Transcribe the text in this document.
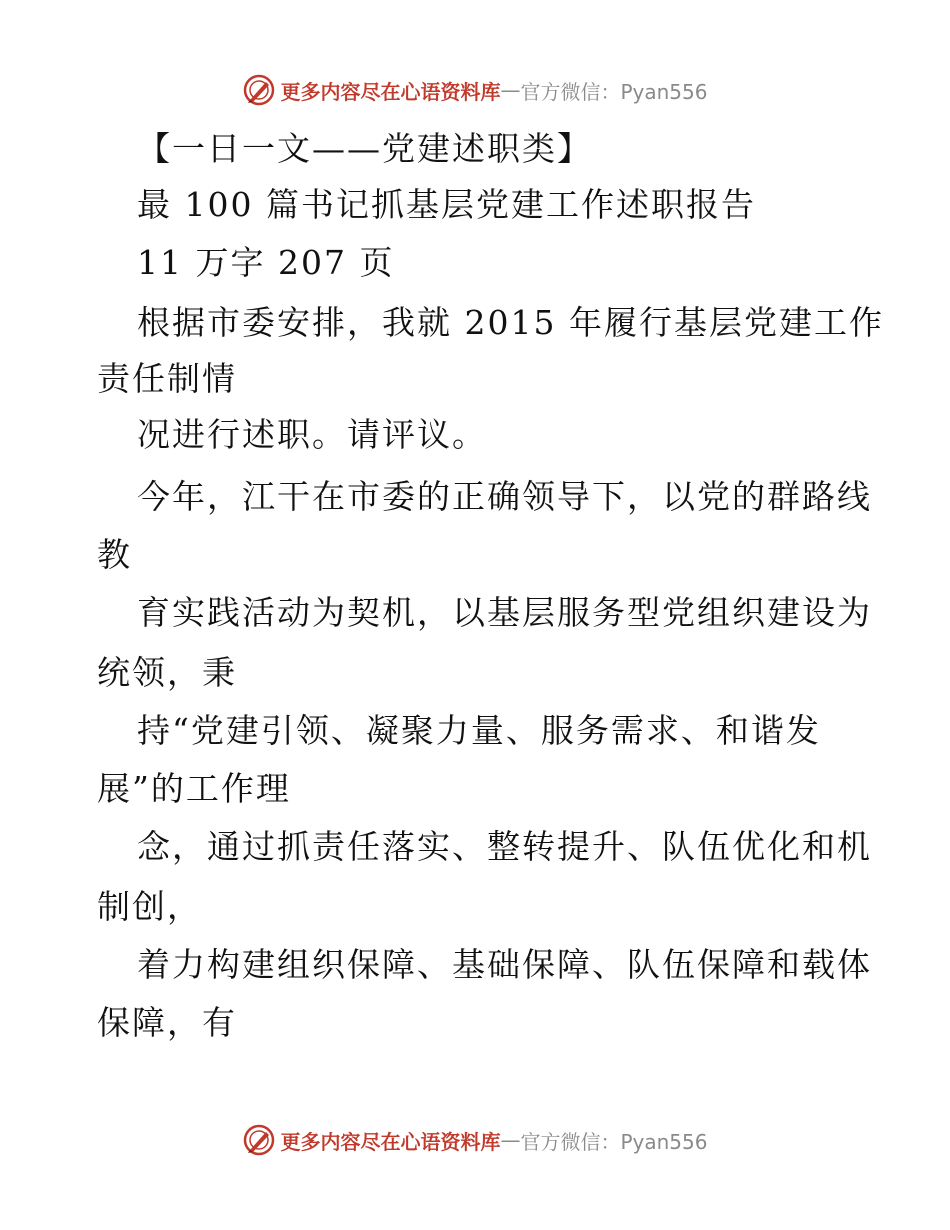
更多内容尽在心语资料库 — 官方微信：Pyan556
【一日一文——党建述职类】
最 100 篇书记抓基层党建工作述职报告
11 万字 207 页
根据市委安排，我就 2015 年履行基层党建工作
责任制情
况进行述职。请评议。
今年，江干在市委的正确领导下，以党的群路线
教
育实践活动为契机，以基层服务型党组织建设为
统领，秉
持“党建引领、凝聚力量、服务需求、和谐发
展”的工作理
念，通过抓责任落实、整转提升、队伍优化和机
制创，
着力构建组织保障、基础保障、队伍保障和载体
保障，有
更多内容尽在心语资料库 — 官方微信：Pyan556
